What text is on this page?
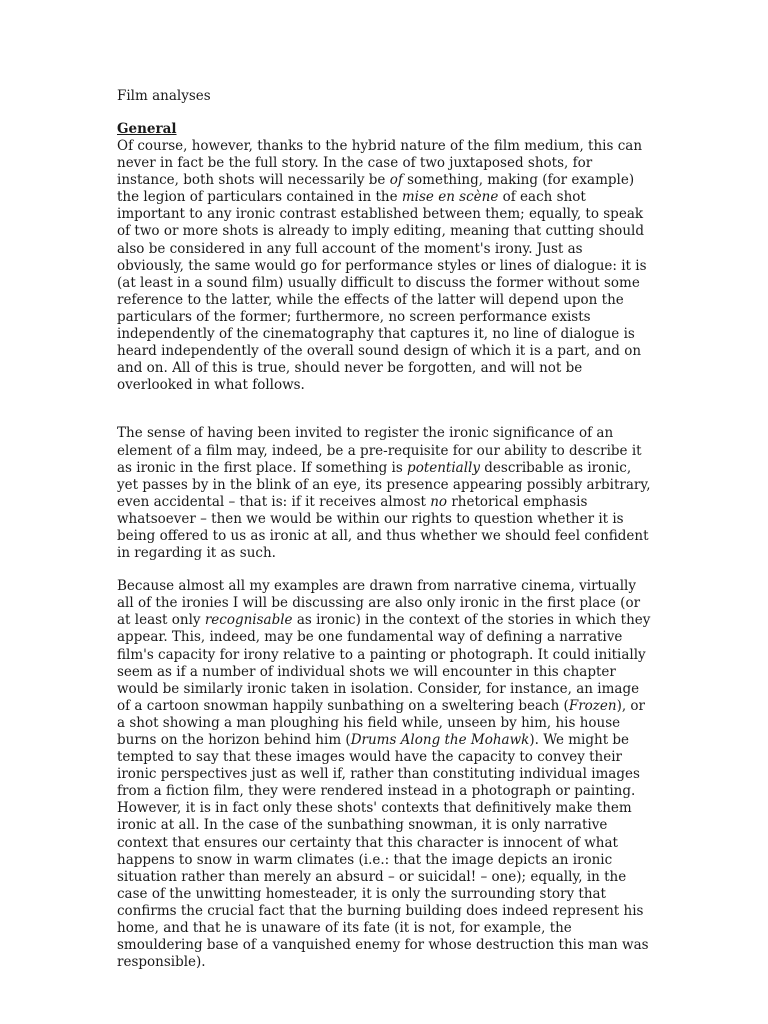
Film analyses

General

Of course, however, thanks to the hybrid nature of the film medium, this can never in fact be the full story. In the case of two juxtaposed shots, for instance, both shots will necessarily be of something, making (for example) the legion of particulars contained in the mise en scène of each shot important to any ironic contrast established between them; equally, to speak of two or more shots is already to imply editing, meaning that cutting should also be considered in any full account of the moment's irony. Just as obviously, the same would go for performance styles or lines of dialogue: it is (at least in a sound film) usually difficult to discuss the former without some reference to the latter, while the effects of the latter will depend upon the particulars of the former; furthermore, no screen performance exists independently of the cinematography that captures it, no line of dialogue is heard independently of the overall sound design of which it is a part, and on and on. All of this is true, should never be forgotten, and will not be overlooked in what follows.

The sense of having been invited to register the ironic significance of an element of a film may, indeed, be a pre-requisite for our ability to describe it as ironic in the first place. If something is potentially describable as ironic, yet passes by in the blink of an eye, its presence appearing possibly arbitrary, even accidental – that is: if it receives almost no rhetorical emphasis whatsoever – then we would be within our rights to question whether it is being offered to us as ironic at all, and thus whether we should feel confident in regarding it as such.

Because almost all my examples are drawn from narrative cinema, virtually all of the ironies I will be discussing are also only ironic in the first place (or at least only recognisable as ironic) in the context of the stories in which they appear. This, indeed, may be one fundamental way of defining a narrative film's capacity for irony relative to a painting or photograph. It could initially seem as if a number of individual shots we will encounter in this chapter would be similarly ironic taken in isolation. Consider, for instance, an image of a cartoon snowman happily sunbathing on a sweltering beach (Frozen), or a shot showing a man ploughing his field while, unseen by him, his house burns on the horizon behind him (Drums Along the Mohawk). We might be tempted to say that these images would have the capacity to convey their ironic perspectives just as well if, rather than constituting individual images from a fiction film, they were rendered instead in a photograph or painting. However, it is in fact only these shots' contexts that definitively make them ironic at all. In the case of the sunbathing snowman, it is only narrative context that ensures our certainty that this character is innocent of what happens to snow in warm climates (i.e.: that the image depicts an ironic situation rather than merely an absurd – or suicidal! – one); equally, in the case of the unwitting homesteader, it is only the surrounding story that confirms the crucial fact that the burning building does indeed represent his home, and that he is unaware of its fate (it is not, for example, the smouldering base of a vanquished enemy for whose destruction this man was responsible).
